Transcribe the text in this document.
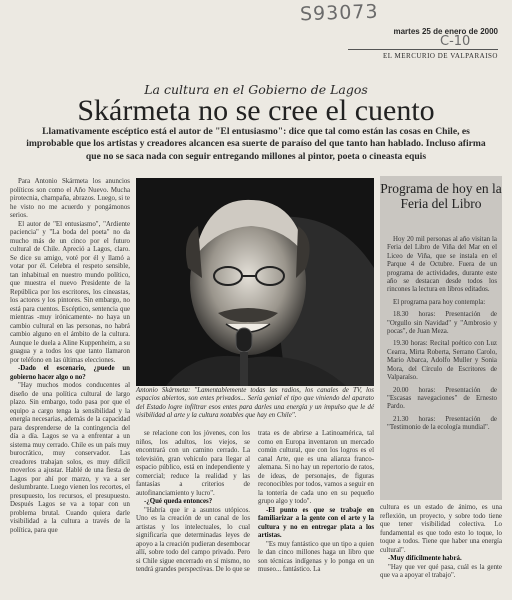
S93073
C-10
martes 25 de enero de 2000
EL MERCURIO DE VALPARAISO
La cultura en el Gobierno de Lagos
Skármeta no se cree el cuento
Llamativamente escéptico está el autor de "El entusiasmo": dice que tal como están las cosas en Chile, es improbable que los artistas y creadores alcancen esa suerte de paraíso del que tanto han hablado. Incluso afirma que no se saca nada con seguir entregando millones al pintor, poeta o cineasta equis

Para Antonio Skármeta los anuncios políticos son como el Año Nuevo. Mucha pirotecnia, champaña, abrazos. Luego, si te he visto no me acuerdo y pongámonos serios.

El autor de "El entusiasmo", "Ardiente paciencia" y "La boda del poeta" no da mucho más de un cinco por el futuro cultural de Chile. Apreció a Lagos, claro. Se dice su amigo, voté por él y llamó a votar por él. Celebra el respeto sensible, tan inhabitual en nuestro mundo político, que muestra el nuevo Presidente de la República por los escritores, los cineastas, los actores y los pintores. Sin embargo, no está para cuentos. Escéptico, sentencia que mientras -muy irónicamente- no haya un cambio cultural en las personas, no habrá cambio alguno en el ámbito de la cultura. Aunque le duela a Aline Kuppenheim, a su guagua y a todos los que tanto llamaron por teléfono en las últimas elecciones.

-Dado el escenario, ¿puede un gobierno hacer algo o no?

"Hay muchos modos conducentes al diseño de una política cultural de largo plazo. Sin embargo, todo pasa por que el equipo a cargo tenga la sensibilidad y la energía necesarias, además de la capacidad para desprenderse de la contingencia del día a día. Lagos se va a enfrentar a un sistema muy cerrado. Chile es un país muy burocrático, muy conservador. Las creadores trabajan solos, es muy difícil moverlos a ajustar. Hablé de una fiesta de Lagos por ahí por marzo, y va a ser deslumbrante. Luego vienen los recortes, el presupuesto, los recursos, el presupuesto. Después Lagos se va a topar con un problema brutal. Cuando quiera darle visibilidad a la cultura a través de la política, para que

Antonio Skármeta: "Lamentablemente todas las radios, los canales de TV, los espacios abiertos, son entes privados... Sería genial el tipo que viniendo del aparato del Estado logre infiltrar esos entes para darles una energía y un impulso que le dé visibilidad al arte y la cultura notables que hay en Chile".

se relacione con los jóvenes, con los niños, los adultos, los viejos, se encontrará con un camino cerrado. La televisión, gran vehículo para llegar al espacio público, está en independiente y comercial; reduce la realidad y las fantasías a criterios de autofinanciamiento y lucro".

-¿Qué queda entonces?

"Habría que ir a asuntos utópicos. Uno es la creación de un canal de los artistas y los intelectuales, lo cual significaría que determinadas leyes de apoyo a la creación pudieran desembocar allí, sobre todo del campo privado. Pero si Chile sigue encerrado en sí mismo, no tendrá grandes perspectivas. De lo que se

trata es de abrirse a Latinoamérica, tal como en Europa inventaron un mercado común cultural, que con los logros es el canal Arte, que es una alianza franco-alemana. Si no hay un repertorio de ratos, de ideas, de personajes, de figuras reconocibles por todos, vamos a seguir en la tontería de cada uno en su pequeño grupo algo y todo".

-El punto es que se trabaje en familiarizar a la gente con el arte y la cultura y no en entregar plata a los artistas.

"Es muy fantástico que un tipo a quien le dan cinco millones haga un libro que son técnicas indígenas y lo ponga en un museo... fantástico. La

Programa de hoy en la Feria del Libro

Hoy 20 mil personas al año visitan la Feria del Libro de Viña del Mar en el Liceo de Viña, que se instala en el Parque 4 de Octubre. Fuera de un programa de actividades, durante este año se destacan desde todos los rincones la lectura en libros editados.

El programa para hoy contempla:

18.30 horas: Presentación de "Orgullo sin Navidad" y "Ambrosio y pocas", de Juan Meza.

19.30 horas: Recital poético con Luz Cearra, Mirta Roberta, Serrano Carolo, Mario Abarca, Adolfo Muller y Sonia Mora, del Círculo de Escritores de Valparaíso.

20.00 horas: Presentación de "Escasas navegaciones" de Ernesto Pardo.

21.30 horas: Presentación de "Testimonio de la ecología mundial".

cultura es un estado de ánimo, es una reflexión, un proyecto, y sobre todo tiene que tener visibilidad colectiva. Lo fundamental es que todo esto lo toque, lo toque a todos. Tiene que haber una energía cultural".

-Muy difícilmente habrá.

"Hay que ver qué pasa, cuál es la gente que va a apoyar el trabajo".
